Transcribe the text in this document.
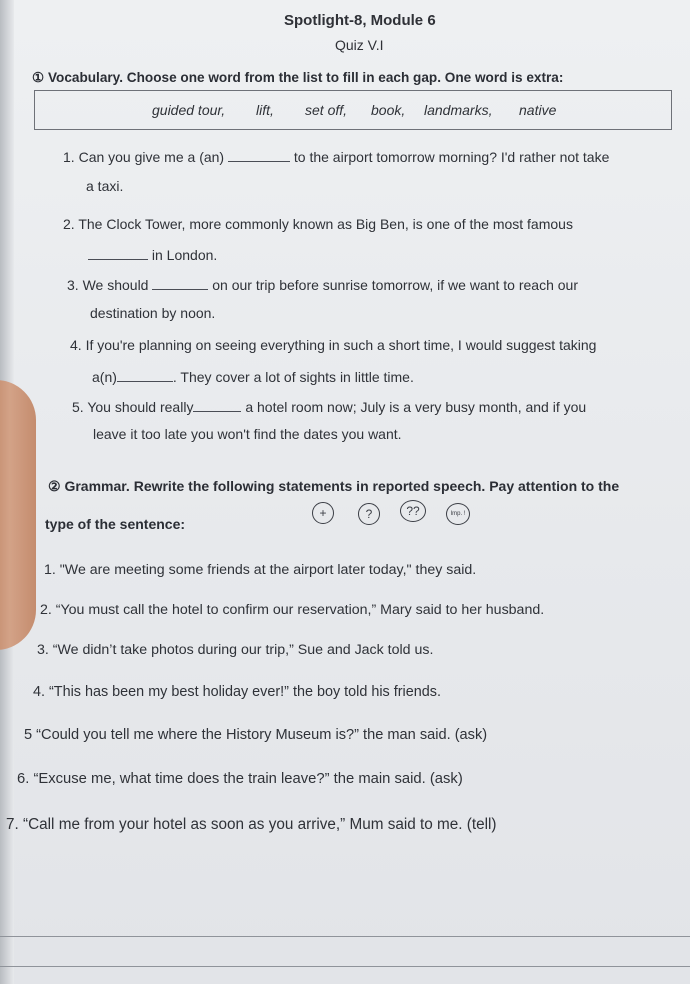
Spotlight-8, Module 6
Quiz V.I
① Vocabulary. Choose one word from the list to fill in each gap. One word is extra:
guided tour, lift, set off, book, landmarks, native
1. Can you give me a (an)	to the airport tomorrow morning? I'd rather not take
a taxi.
2. The Clock Tower, more commonly known as Big Ben, is one of the most famous
in London.
3. We should	on our trip before sunrise tomorrow, if we want to reach our
destination by noon.
4. If you're planning on seeing everything in such a short time, I would suggest taking
a(n)	. They cover a lot of sights in little time.
5. You should really	a hotel room now; July is a very busy month, and if you
leave it too late you won't find the dates you want.
② Grammar. Rewrite the following statements in reported speech. Pay attention to the
type of the sentence:
+	?	??	Imp. !
1. "We are meeting some friends at the airport later today," they said.
2. “You must call the hotel to confirm our reservation,” Mary said to her husband.
3. “We didn’t take photos during our trip,” Sue and Jack told us.
4. “This has been my best holiday ever!” the boy told his friends.
5 “Could you tell me where the History Museum is?” the man said. (ask)
6. “Excuse me, what time does the train leave?” the main said. (ask)
7. “Call me from your hotel as soon as you arrive,” Mum said to me. (tell)
